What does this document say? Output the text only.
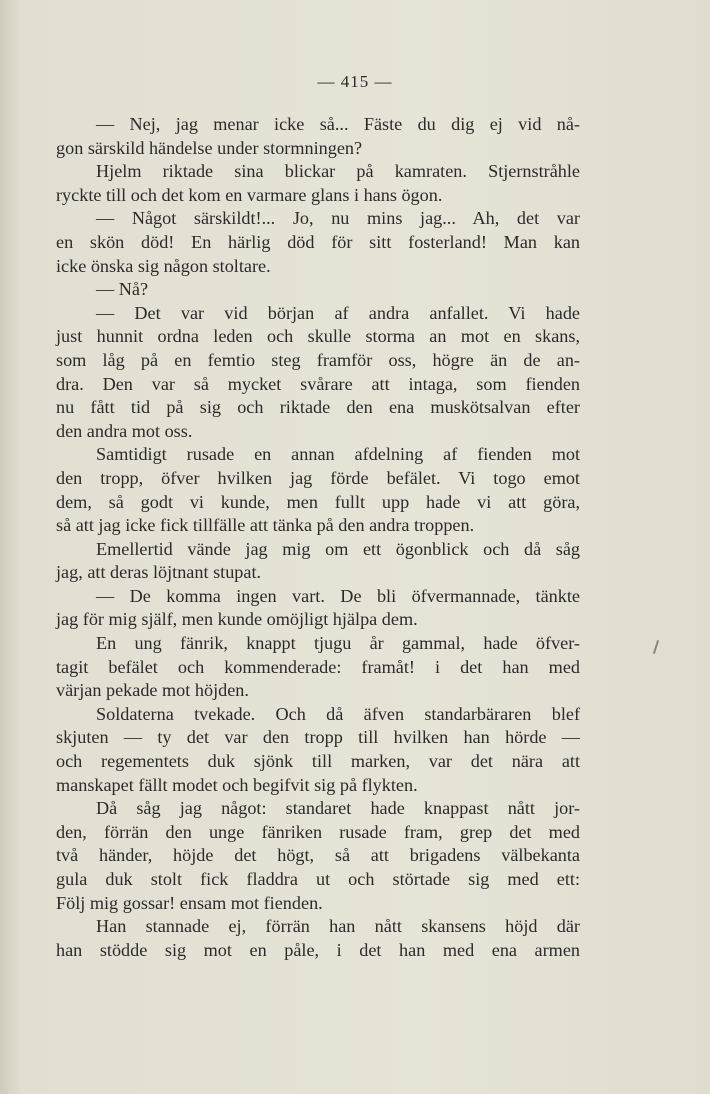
— 415 —
— Nej, jag menar icke så... Fäste du dig ej vid nå-
gon särskild händelse under stormningen?
Hjelm riktade sina blickar på kamraten. Stjernstråhle
ryckte till och det kom en varmare glans i hans ögon.
— Något särskildt!... Jo, nu mins jag... Ah, det var
en skön död! En härlig död för sitt fosterland! Man kan
icke önska sig någon stoltare.
— Nå?
— Det var vid början af andra anfallet. Vi hade
just hunnit ordna leden och skulle storma an mot en skans,
som låg på en femtio steg framför oss, högre än de an-
dra. Den var så mycket svårare att intaga, som fienden
nu fått tid på sig och riktade den ena muskötsalvan efter
den andra mot oss.
Samtidigt rusade en annan afdelning af fienden mot
den tropp, öfver hvilken jag förde befälet. Vi togo emot
dem, så godt vi kunde, men fullt upp hade vi att göra,
så att jag icke fick tillfälle att tänka på den andra troppen.
Emellertid vände jag mig om ett ögonblick och då såg
jag, att deras löjtnant stupat.
— De komma ingen vart. De bli öfvermannade, tänkte
jag för mig själf, men kunde omöjligt hjälpa dem.
En ung fänrik, knappt tjugu år gammal, hade öfver-
tagit befälet och kommenderade: framåt! i det han med
värjan pekade mot höjden.
Soldaterna tvekade. Och då äfven standarbäraren blef
skjuten — ty det var den tropp till hvilken han hörde —
och regementets duk sjönk till marken, var det nära att
manskapet fällt modet och begifvit sig på flykten.
Då såg jag något: standaret hade knappast nått jor-
den, förrän den unge fänriken rusade fram, grep det med
två händer, höjde det högt, så att brigadens välbekanta
gula duk stolt fick fladdra ut och störtade sig med ett:
Följ mig gossar! ensam mot fienden.
Han stannade ej, förrän han nått skansens höjd där
han stödde sig mot en påle, i det han med ena armen
